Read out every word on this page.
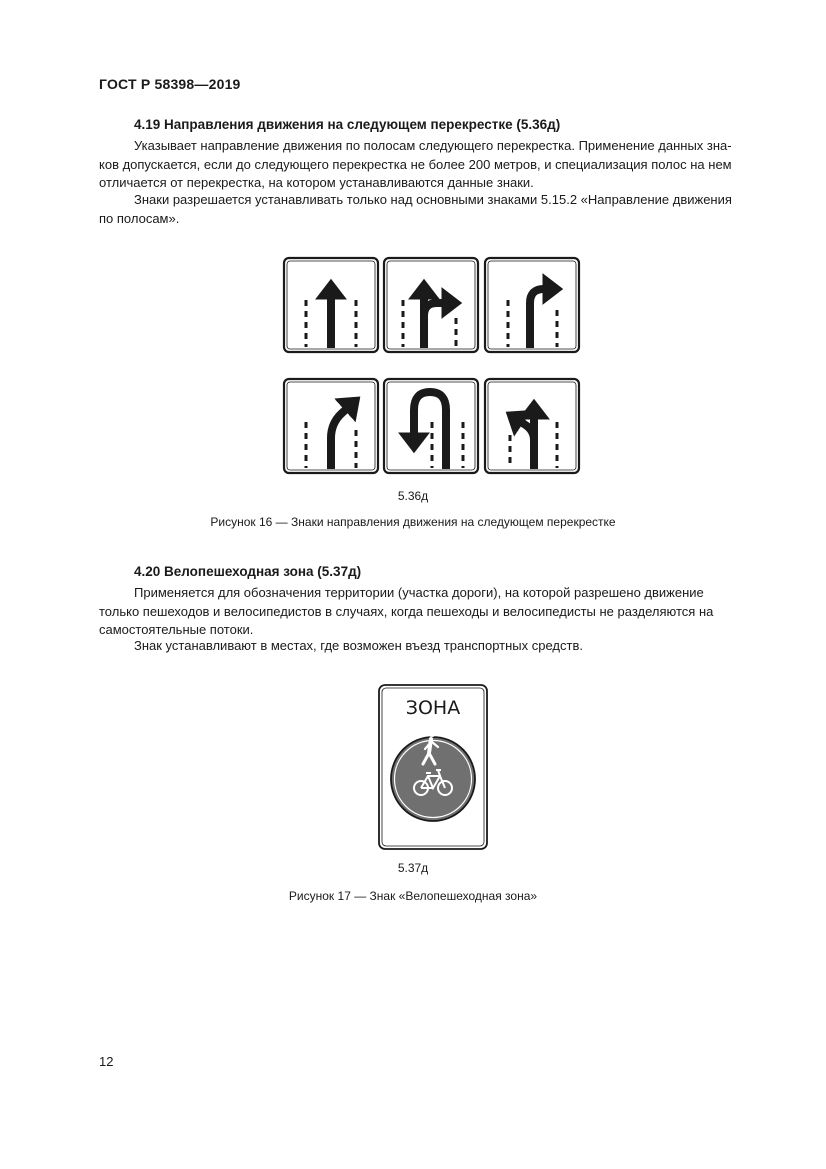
ГОСТ Р 58398—2019
4.19 Направления движения на следующем перекрестке (5.36д)
Указывает направление движения по полосам следующего перекрестка. Применение данных зна-
ков допускается, если до следующего перекрестка не более 200 метров, и специализация полос на нем
отличается от перекрестка, на котором устанавливаются данные знаки.
Знаки разрешается устанавливать только над основными знаками 5.15.2 «Направление движения
по полосам».
5.36д
Рисунок 16 — Знаки направления движения на следующем перекрестке
4.20 Велопешеходная зона (5.37д)
Применяется для обозначения территории (участка дороги), на которой разрешено движение
только пешеходов и велосипедистов в случаях, когда пешеходы и велосипедисты не разделяются на
самостоятельные потоки.
Знак устанавливают в местах, где возможен въезд транспортных средств.
ЗОНА
5.37д
Рисунок 17 — Знак «Велопешеходная зона»
12
